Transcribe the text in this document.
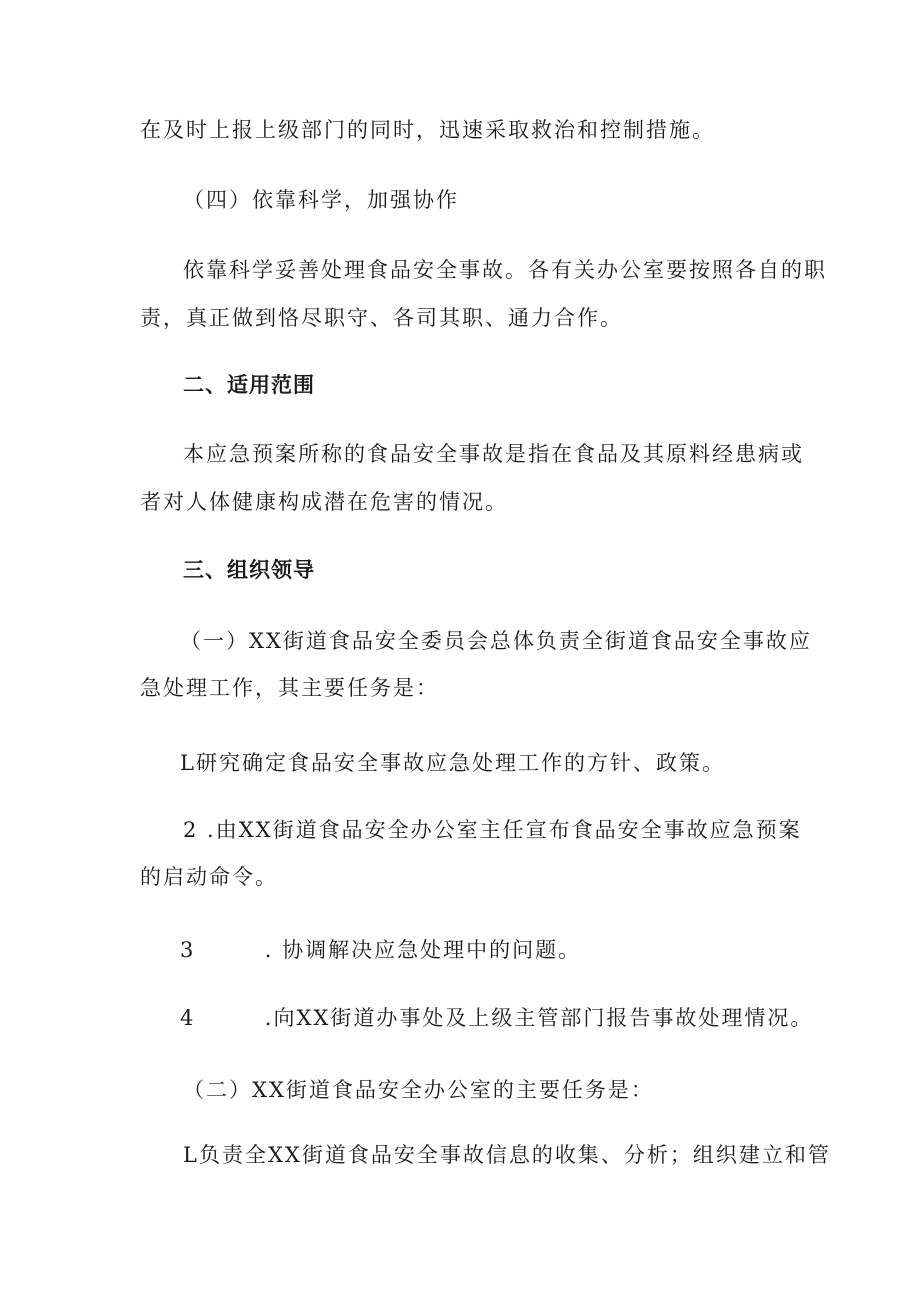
在及时上报上级部门的同时，迅速采取救治和控制措施。

（四）依靠科学，加强协作

依靠科学妥善处理食品安全事故。各有关办公室要按照各自的职

责，真正做到恪尽职守、各司其职、通力合作。

二、适用范围

本应急预案所称的食品安全事故是指在食品及其原料经患病或

者对人体健康构成潜在危害的情况。

三、组织领导

（一）XX街道食品安全委员会总体负责全街道食品安全事故应

急处理工作，其主要任务是：

L研究确定食品安全事故应急处理工作的方针、政策。

2 .由XX街道食品安全办公室主任宣布食品安全事故应急预案

的启动命令。

3        . 协调解决应急处理中的问题。

4        .向XX街道办事处及上级主管部门报告事故处理情况。

（二）XX街道食品安全办公室的主要任务是：

L负责全XX街道食品安全事故信息的收集、分析；组织建立和管
